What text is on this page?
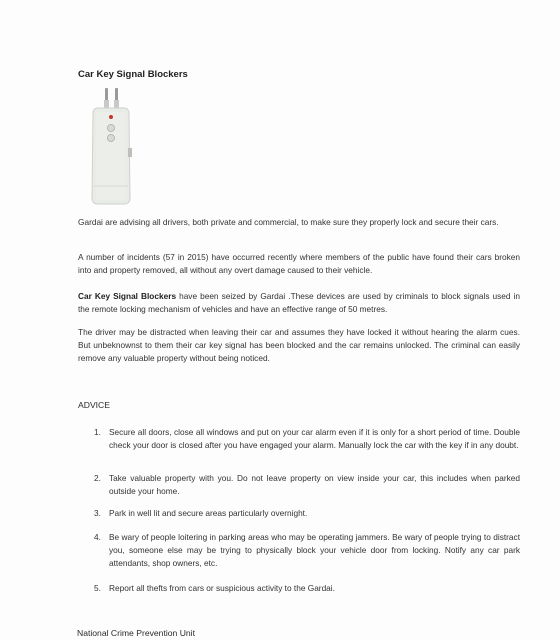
Car Key Signal Blockers

Gardai are advising all drivers, both private and commercial, to make sure they properly lock and secure their cars.

A number of incidents (57 in 2015) have occurred recently where members of the public have found their cars broken into and property removed, all without any overt damage caused to their vehicle.

Car Key Signal Blockers have been seized by Gardai .These devices are used by criminals to block signals used in the remote locking mechanism of vehicles and have an effective range of 50 metres.

The driver may be distracted when leaving their car and assumes they have locked it without hearing the alarm cues. But unbeknownst to them their car key signal has been blocked and the car remains unlocked. The criminal can easily remove any valuable property without being noticed.

ADVICE
1. Secure all doors, close all windows and put on your car alarm even if it is only for a short period of time. Double check your door is closed after you have engaged your alarm. Manually lock the car with the key if in any doubt.
2. Take valuable property with you. Do not leave property on view inside your car, this includes when parked outside your home.
3. Park in well lit and secure areas particularly overnight.
4. Be wary of people loitering in parking areas who may be operating jammers. Be wary of people trying to distract you, someone else may be trying to physically block your vehicle door from locking. Notify any car park attendants, shop owners, etc.
5. Report all thefts from cars or suspicious activity to the Gardai.
National Crime Prevention Unit
